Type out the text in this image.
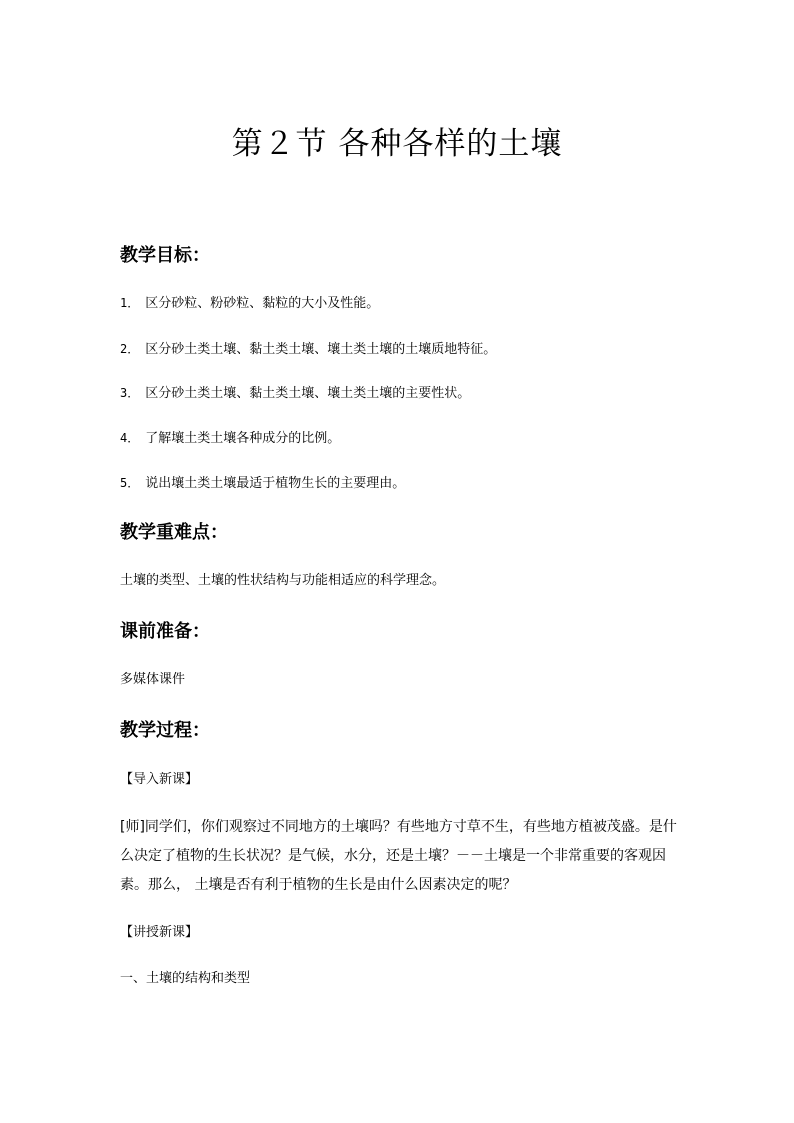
第２节 各种各样的土壤
教学目标：
1． 区分砂粒、粉砂粒、黏粒的大小及性能。
2． 区分砂土类土壤、黏土类土壤、壤土类土壤的土壤质地特征。
3． 区分砂土类土壤、黏土类土壤、壤土类土壤的主要性状。
4． 了解壤土类土壤各种成分的比例。
5． 说出壤土类土壤最适于植物生长的主要理由。
教学重难点：
土壤的类型、土壤的性状结构与功能相适应的科学理念。
课前准备：
多媒体课件
教学过程：
【导入新课】
[师]同学们，你们观察过不同地方的土壤吗？有些地方寸草不生，有些地方植被茂盛。是什么决定了植物的生长状况？是气候，水分，还是土壤？－－土壤是一个非常重要的客观因素。那么， 土壤是否有利于植物的生长是由什么因素决定的呢？
【讲授新课】
一、土壤的结构和类型
